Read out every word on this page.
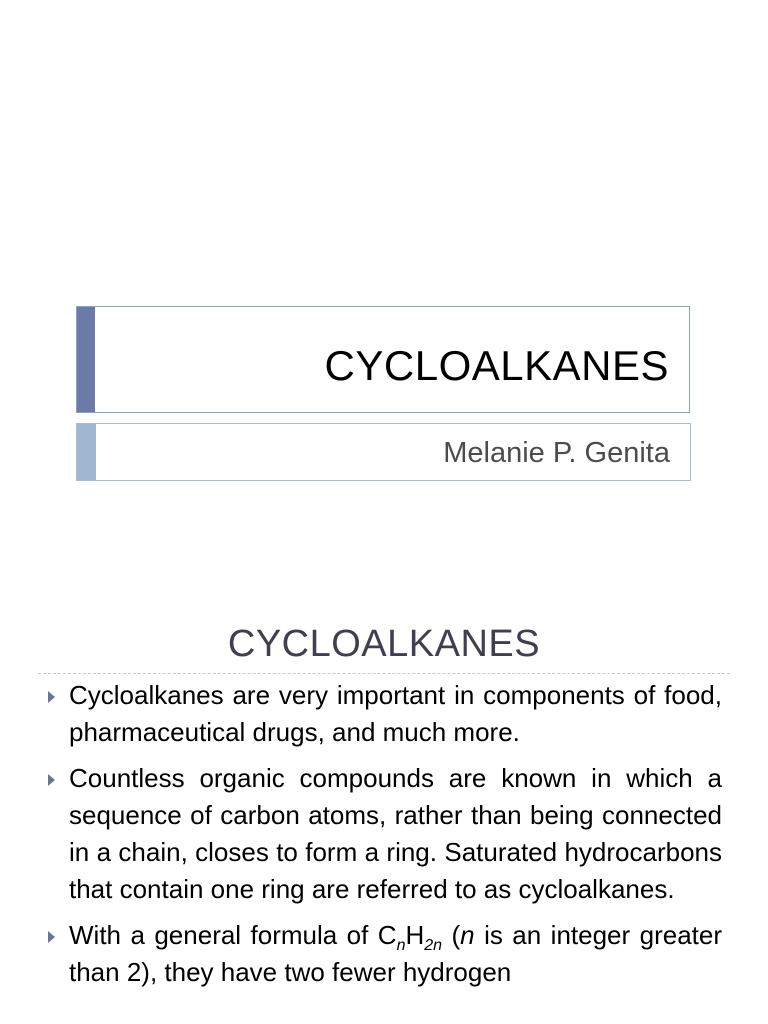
CYCLOALKANES
Melanie P. Genita
CYCLOALKANES
Cycloalkanes are very important in components of food, pharmaceutical drugs, and much more.
Countless organic compounds are known in which a sequence of carbon atoms, rather than being connected in a chain, closes to form a ring. Saturated hydrocarbons that contain one ring are referred to as cycloalkanes.
With a general formula of $C_nH_{2n}$ (n is an integer greater than 2), they have two fewer hydrogen
